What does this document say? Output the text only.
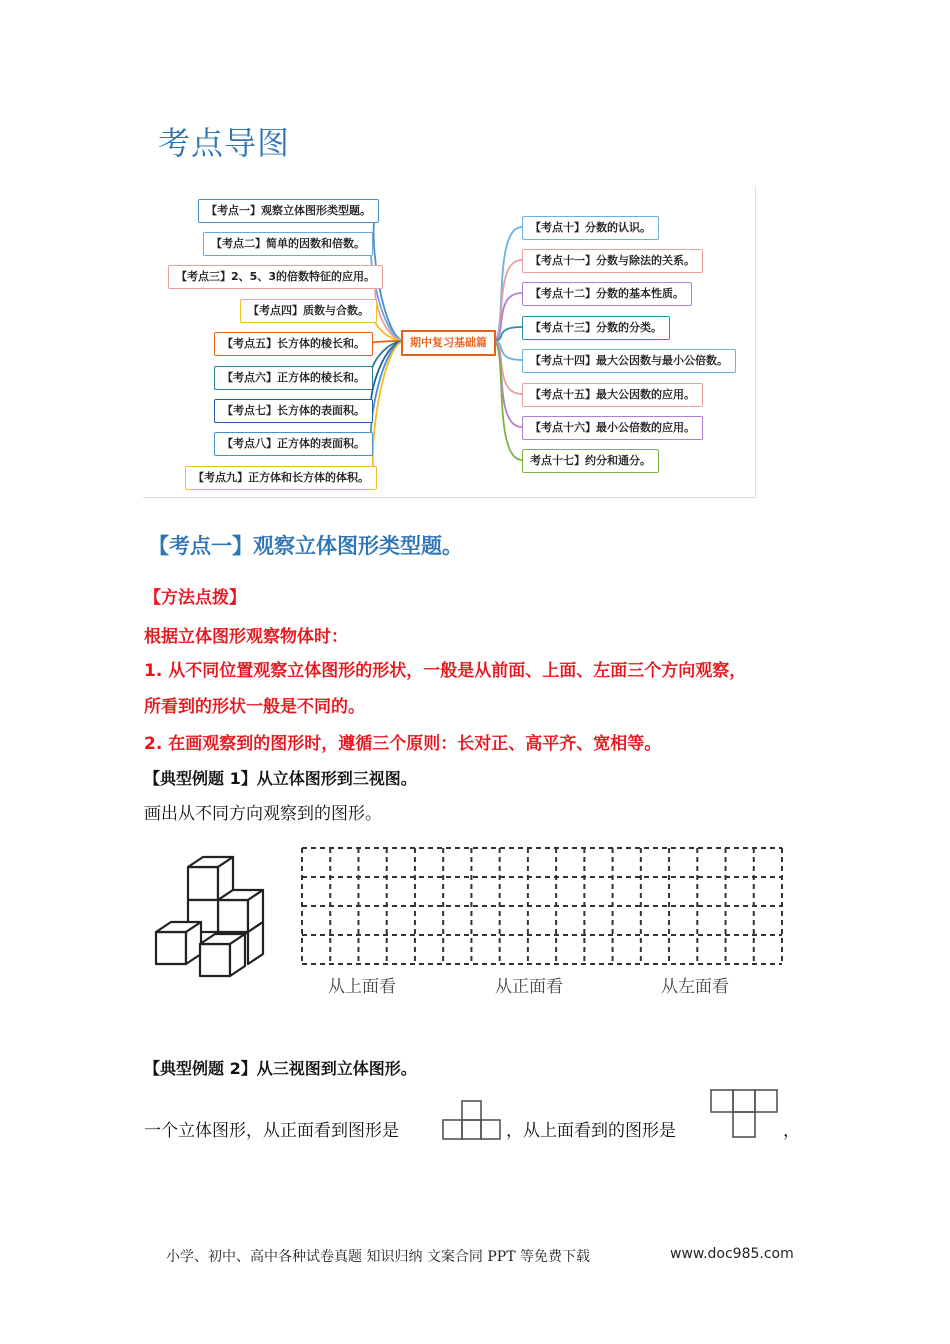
考点导图
期中复习基础篇
【考点一】观察立体图形类型题。
【考点二】简单的因数和倍数。
【考点三】2、5、3的倍数特征的应用。
【考点四】质数与合数。
【考点五】长方体的棱长和。
【考点六】正方体的棱长和。
【考点七】长方体的表面积。
【考点八】正方体的表面积。
【考点九】正方体和长方体的体积。
【考点十】分数的认识。
【考点十一】分数与除法的关系。
【考点十二】分数的基本性质。
【考点十三】分数的分类。
【考点十四】最大公因数与最小公倍数。
【考点十五】最大公因数的应用。
【考点十六】最小公倍数的应用。
考点十七】约分和通分。
【考点一】观察立体图形类型题。
【方法点拨】
根据立体图形观察物体时：
1. 从不同位置观察立体图形的形状，一般是从前面、上面、左面三个方向观察，
所看到的形状一般是不同的。
2. 在画观察到的图形时，遵循三个原则：长对正、高平齐、宽相等。
【典型例题 1】从立体图形到三视图。
画出从不同方向观察到的图形。
从上面看	从正面看	从左面看
【典型例题 2】从三视图到立体图形。
一个立体图形，从正面看到图形是	，从上面看到的图形是	，
小学、初中、高中各种试卷真题 知识归纳 文案合同 PPT 等免费下载	www.doc985.com
